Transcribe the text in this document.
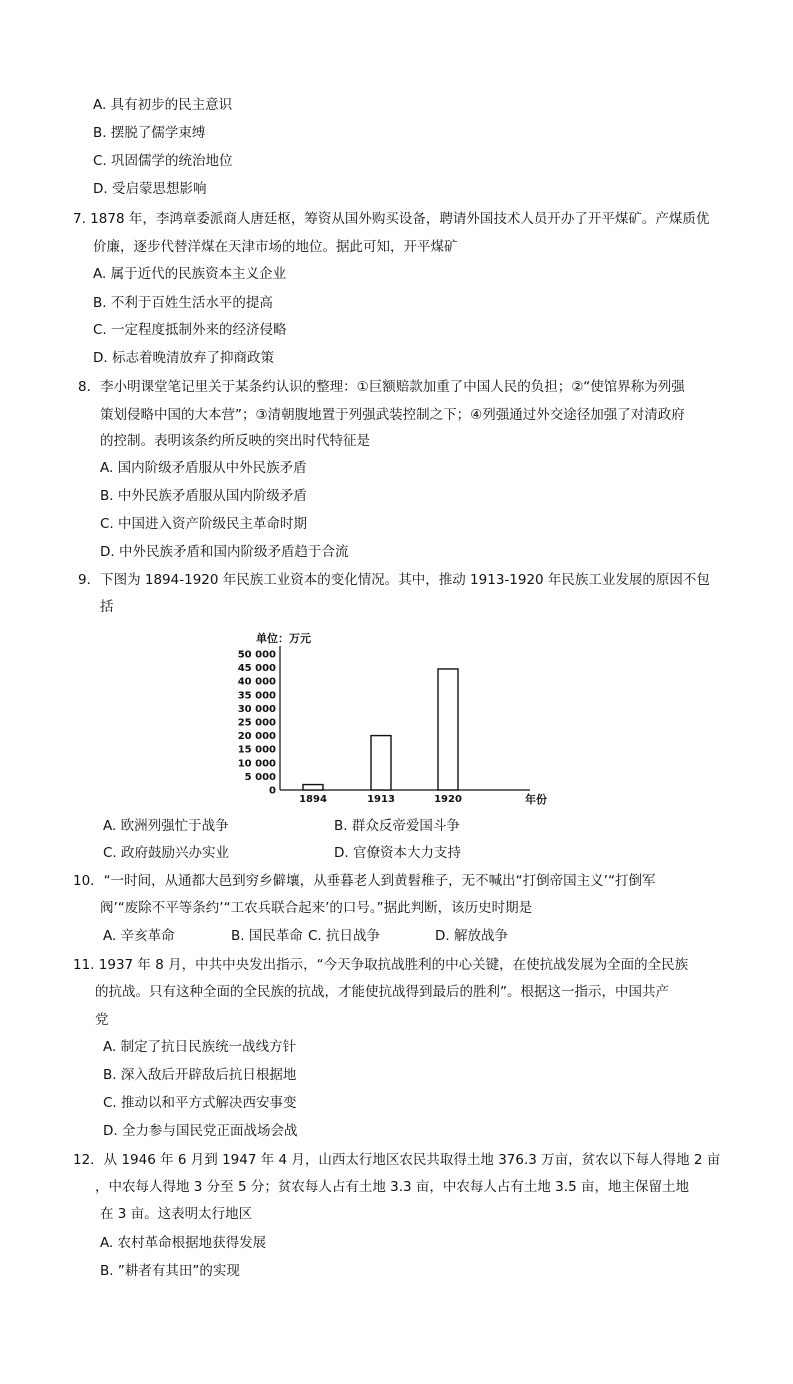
A. 具有初步的民主意识
B. 摆脱了儒学束缚
C. 巩固儒学的统治地位
D. 受启蒙思想影响
7. 1878 年，李鸿章委派商人唐廷枢，筹资从国外购买设备，聘请外国技术人员开办了开平煤矿。产煤质优
价廉，逐步代替洋煤在天津市场的地位。据此可知，开平煤矿
A. 属于近代的民族资本主义企业
B. 不利于百姓生活水平的提高
C. 一定程度抵制外来的经济侵略
D. 标志着晚清放弃了抑商政策
8．李小明课堂笔记里关于某条约认识的整理：①巨额赔款加重了中国人民的负担；②“使馆界称为列强
策划侵略中国的大本营”；③清朝腹地置于列强武装控制之下；④列强通过外交途径加强了对清政府
的控制。表明该条约所反映的突出时代特征是
A. 国内阶级矛盾服从中外民族矛盾
B. 中外民族矛盾服从国内阶级矛盾
C. 中国进入资产阶级民主革命时期
D. 中外民族矛盾和国内阶级矛盾趋于合流
9．下图为 1894-1920 年民族工业资本的变化情况。其中，推动 1913-1920 年民族工业发展的原因不包
括
单位：万元
0
5 000
10 000
15 000
20 000
25 000
30 000
35 000
40 000
45 000
50 000
1894	1913	1920	年份
A. 欧洲列强忙于战争	B. 群众反帝爱国斗争
C. 政府鼓励兴办实业	D. 官僚资本大力支持
10．“一时间，从通都大邑到穷乡僻壤，从垂暮老人到黄髫稚子，无不喊出“打倒帝国主义’“打倒军
阀’“废除不平等条约’“工农兵联合起来’的口号。”据此判断，该历史时期是
A. 辛亥革命	B. 国民革命 C. 抗日战争	D. 解放战争
11. 1937 年 8 月，中共中央发出指示，“今天争取抗战胜利的中心关键，在使抗战发展为全面的全民族
的抗战。只有这种全面的全民族的抗战，才能使抗战得到最后的胜利”。根据这一指示，中国共产
党
A. 制定了抗日民族统一战线方针
B. 深入敌后开辟敌后抗日根据地
C. 推动以和平方式解决西安事变
D. 全力参与国民党正面战场会战
12．从 1946 年 6 月到 1947 年 4 月，山西太行地区农民共取得土地 376.3 万亩，贫农以下每人得地 2 亩
，中农每人得地 3 分至 5 分；贫农每人占有土地 3.3 亩，中农每人占有土地 3.5 亩，地主保留土地
在 3 亩。这表明太行地区
A. 农村革命根据地获得发展
B. ”耕者有其田”的实现
